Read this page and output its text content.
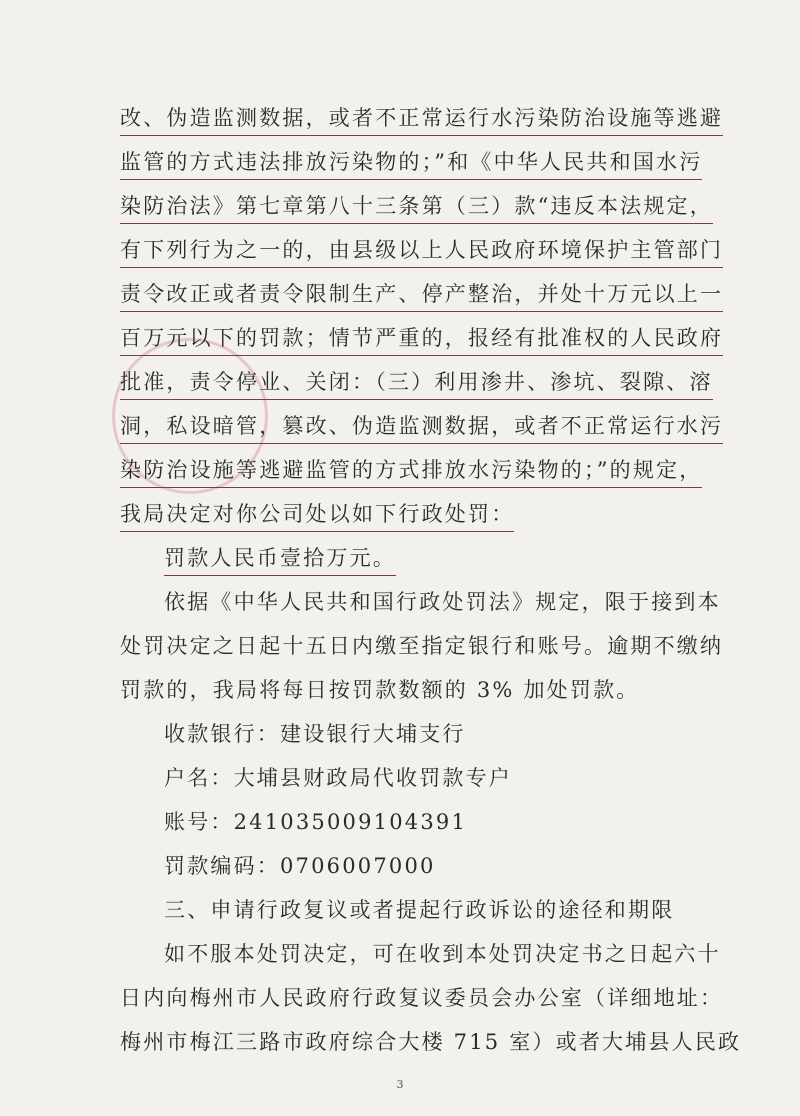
改、伪造监测数据，或者不正常运行水污染防治设施等逃避
监管的方式违法排放污染物的；”和《中华人民共和国水污
染防治法》第七章第八十三条第（三）款“违反本法规定，
有下列行为之一的，由县级以上人民政府环境保护主管部门
责令改正或者责令限制生产、停产整治，并处十万元以上一
百万元以下的罚款；情节严重的，报经有批准权的人民政府
批准，责令停业、关闭：（三）利用渗井、渗坑、裂隙、溶
洞，私设暗管，篡改、伪造监测数据，或者不正常运行水污
染防治设施等逃避监管的方式排放水污染物的；”的规定，
我局决定对你公司处以如下行政处罚：
罚款人民币壹拾万元。
依据《中华人民共和国行政处罚法》规定，限于接到本
处罚决定之日起十五日内缴至指定银行和账号。逾期不缴纳
罚款的，我局将每日按罚款数额的 3% 加处罚款。
收款银行：建设银行大埔支行
户名：大埔县财政局代收罚款专户
账号：241035009104391
罚款编码：0706007000
三、申请行政复议或者提起行政诉讼的途径和期限
如不服本处罚决定，可在收到本处罚决定书之日起六十
日内向梅州市人民政府行政复议委员会办公室（详细地址：
梅州市梅江三路市政府综合大楼 715 室）或者大埔县人民政
3
